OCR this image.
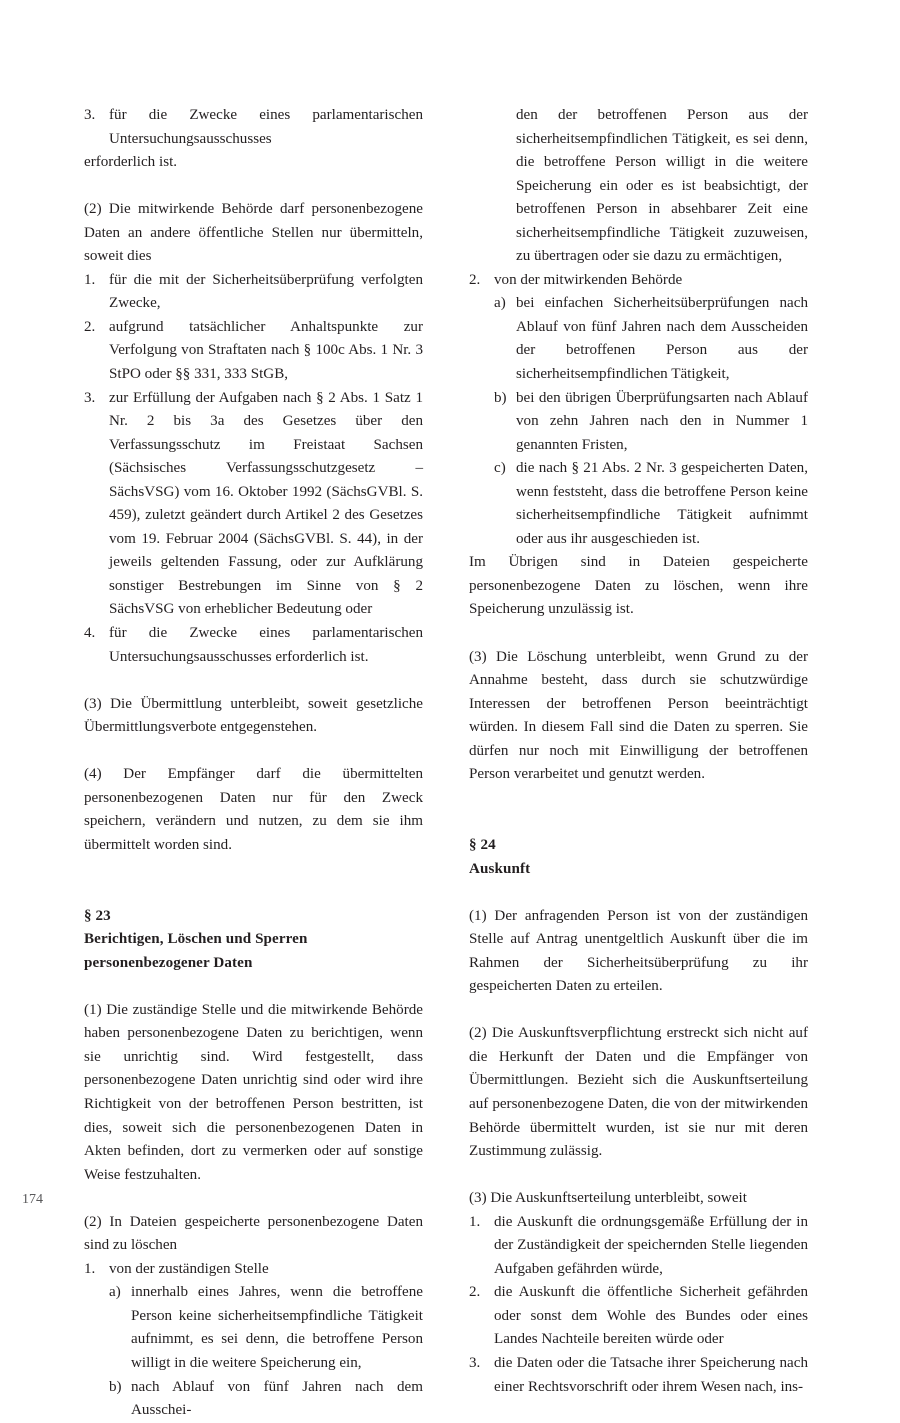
3. für die Zwecke eines parlamentarischen Untersuchungsausschusses

erforderlich ist.

(2) Die mitwirkende Behörde darf personenbezogene Daten an andere öffentliche Stellen nur übermitteln, soweit dies

1. für die mit der Sicherheitsüberprüfung verfolgten Zwecke,
2. aufgrund tatsächlicher Anhaltspunkte zur Verfolgung von Straftaten nach § 100c Abs. 1 Nr. 3 StPO oder §§ 331, 333 StGB,
3. zur Erfüllung der Aufgaben nach § 2 Abs. 1 Satz 1 Nr. 2 bis 3a des Gesetzes über den Verfassungsschutz im Freistaat Sachsen (Sächsisches Verfassungsschutzgesetz – SächsVSG) vom 16. Oktober 1992 (SächsGVBl. S. 459), zuletzt geändert durch Artikel 2 des Gesetzes vom 19. Februar 2004 (SächsGVBl. S. 44), in der jeweils geltenden Fassung, oder zur Aufklärung sonstiger Bestrebungen im Sinne von § 2 SächsVSG von erheblicher Bedeutung oder
4. für die Zwecke eines parlamentarischen Untersuchungsausschusses erforderlich ist.

(3) Die Übermittlung unterbleibt, soweit gesetzliche Übermittlungsverbote entgegenstehen.

(4) Der Empfänger darf die übermittelten personenbezogenen Daten nur für den Zweck speichern, verändern und nutzen, zu dem sie ihm übermittelt worden sind.

§ 23
Berichtigen, Löschen und Sperren personenbezogener Daten

(1) Die zuständige Stelle und die mitwirkende Behörde haben personenbezogene Daten zu berichtigen, wenn sie unrichtig sind. Wird festgestellt, dass personenbezogene Daten unrichtig sind oder wird ihre Richtigkeit von der betroffenen Person bestritten, ist dies, soweit sich die personenbezogenen Daten in Akten befinden, dort zu vermerken oder auf sonstige Weise festzuhalten.

(2) In Dateien gespeicherte personenbezogene Daten sind zu löschen

1. von der zuständigen Stelle
a) innerhalb eines Jahres, wenn die betroffene Person keine sicherheitsempfindliche Tätigkeit aufnimmt, es sei denn, die betroffene Person willigt in die weitere Speicherung ein,
b) nach Ablauf von fünf Jahren nach dem Ausschei-

den der betroffenen Person aus der sicherheitsempfindlichen Tätigkeit, es sei denn, die betroffene Person willigt in die weitere Speicherung ein oder es ist beabsichtigt, der betroffenen Person in absehbarer Zeit eine sicherheitsempfindliche Tätigkeit zuzuweisen, zu übertragen oder sie dazu zu ermächtigen,

2. von der mitwirkenden Behörde
a) bei einfachen Sicherheitsüberprüfungen nach Ablauf von fünf Jahren nach dem Ausscheiden der betroffenen Person aus der sicherheitsempfindlichen Tätigkeit,
b) bei den übrigen Überprüfungsarten nach Ablauf von zehn Jahren nach den in Nummer 1 genannten Fristen,
c) die nach § 21 Abs. 2 Nr. 3 gespeicherten Daten, wenn feststeht, dass die betroffene Person keine sicherheitsempfindliche Tätigkeit aufnimmt oder aus ihr ausgeschieden ist.

Im Übrigen sind in Dateien gespeicherte personenbezogene Daten zu löschen, wenn ihre Speicherung unzulässig ist.

(3) Die Löschung unterbleibt, wenn Grund zu der Annahme besteht, dass durch sie schutzwürdige Interessen der betroffenen Person beeinträchtigt würden. In diesem Fall sind die Daten zu sperren. Sie dürfen nur noch mit Einwilligung der betroffenen Person verarbeitet und genutzt werden.

§ 24
Auskunft

(1) Der anfragenden Person ist von der zuständigen Stelle auf Antrag unentgeltlich Auskunft über die im Rahmen der Sicherheitsüberprüfung zu ihr gespeicherten Daten zu erteilen.

(2) Die Auskunftsverpflichtung erstreckt sich nicht auf die Herkunft der Daten und die Empfänger von Übermittlungen. Bezieht sich die Auskunftserteilung auf personenbezogene Daten, die von der mitwirkenden Behörde übermittelt wurden, ist sie nur mit deren Zustimmung zulässig.

(3) Die Auskunftserteilung unterbleibt, soweit

1. die Auskunft die ordnungsgemäße Erfüllung der in der Zuständigkeit der speichernden Stelle liegenden Aufgaben gefährden würde,
2. die Auskunft die öffentliche Sicherheit gefährden oder sonst dem Wohle des Bundes oder eines Landes Nachteile bereiten würde oder
3. die Daten oder die Tatsache ihrer Speicherung nach einer Rechtsvorschrift oder ihrem Wesen nach, ins-
174
